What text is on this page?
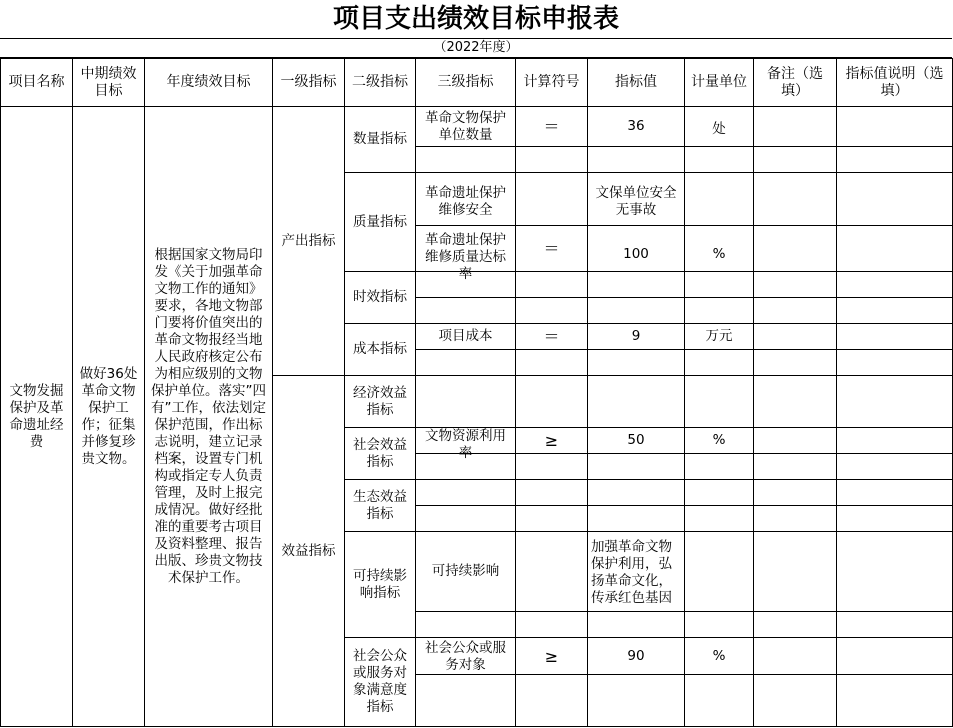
项目支出绩效目标申报表
（2022年度）
项目名称	中期绩效目标	年度绩效目标	一级指标	二级指标	三级指标	计算符号	指标值	计量单位	备注（选填）	指标值说明（选填）
文物发掘保护及革命遗址经费	做好36处革命文物保护工作；征集并修复珍贵文物。	根据国家文物局印发《关于加强革命文物工作的通知》要求，各地文物部门要将价值突出的革命文物报经当地人民政府核定公布为相应级别的文物保护单位。落实”四有”工作，依法划定保护范围，作出标志说明，建立记录档案，设置专门机构或指定专人负责管理，及时上报完成情况。做好经批准的重要考古项目及资料整理、报告出版、珍贵文物技术保护工作。	产出指标	数量指标	革命文物保护单位数量	＝	36	处		

				质量指标	革命遗址保护维修安全		文保单位安全无事故			

					革命遗址保护维修质量达标率	＝	100	%		
				时效指标						

				成本指标	项目成本	＝	9	万元		

			效益指标	经济效益指标						
				社会效益指标	文物资源利用率	≥	50	%		

				生态效益指标						

				可持续影响指标	可持续影响		加强革命文物保护利用，弘扬革命文化，传承红色基因			

				社会公众或服务对象满意度指标	社会公众或服务对象	≥	90	%		
